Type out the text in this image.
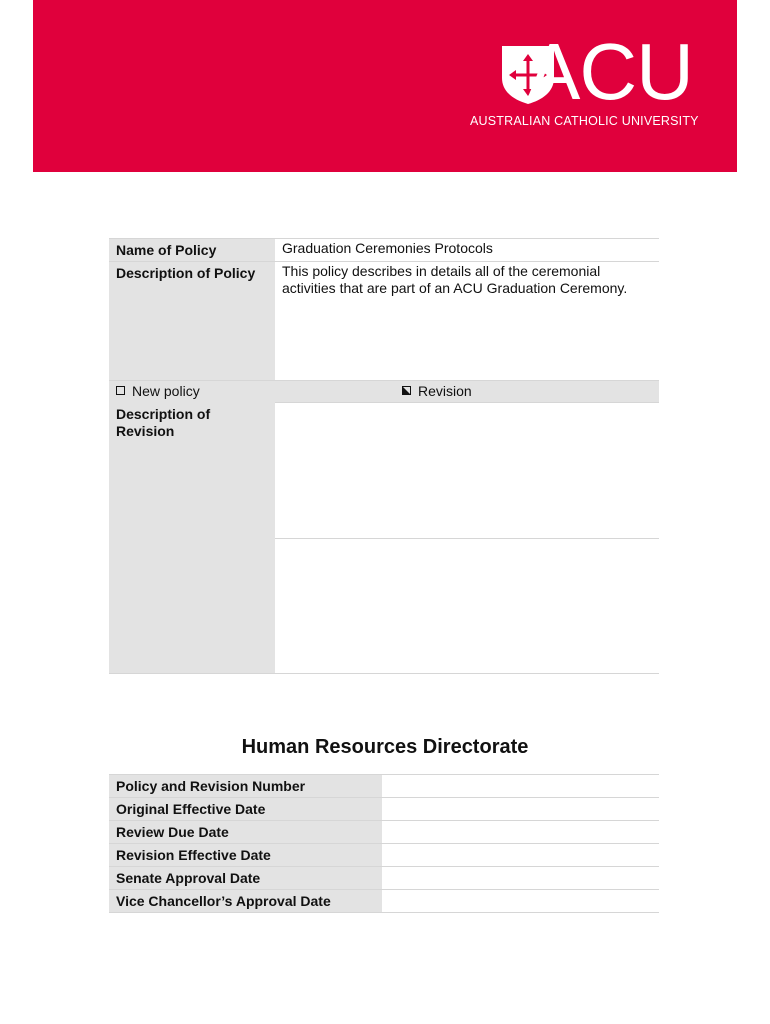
ACU
AUSTRALIAN CATHOLIC UNIVERSITY
Name of Policy	Graduation Ceremonies Protocols
Description of Policy This policy describes in details all of the ceremonial
activities that are part of an ACU Graduation Ceremony.
New policy	Revision
Description of
Revision
Human Resources Directorate
Policy and Revision Number
Original Effective Date
Review Due Date
Revision Effective Date
Senate Approval Date
Vice Chancellor’s Approval Date
